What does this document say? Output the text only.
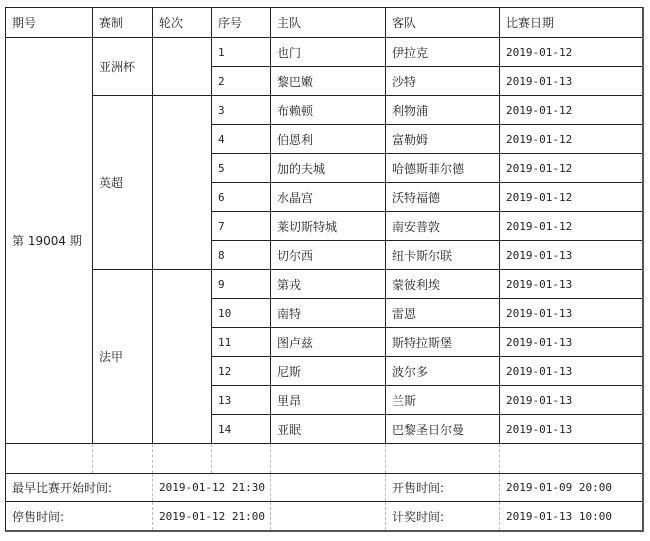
期号	赛制	轮次	序号	主队	客队	比赛日期
第 19004 期	亚洲杯		1	也门	伊拉克	2019-01-12
			2	黎巴嫩	沙特	2019-01-13
	英超		3	布赖顿	利物浦	2019-01-12
			4	伯恩利	富勒姆	2019-01-12
			5	加的夫城	哈德斯菲尔德	2019-01-12
			6	水晶宫	沃特福德	2019-01-12
			7	莱切斯特城	南安普敦	2019-01-12
			8	切尔西	纽卡斯尔联	2019-01-13
	法甲		9	第戎	蒙彼利埃	2019-01-13
			10	南特	雷恩	2019-01-13
			11	图卢兹	斯特拉斯堡	2019-01-13
			12	尼斯	波尔多	2019-01-13
			13	里昂	兰斯	2019-01-13
			14	亚眠	巴黎圣日尔曼	2019-01-13

最早比赛开始时间:		2019-01-12 21:30			开售时间:	2019-01-09 20:00
停售时间:		2019-01-12 21:00			计奖时间:	2019-01-13 10:00
